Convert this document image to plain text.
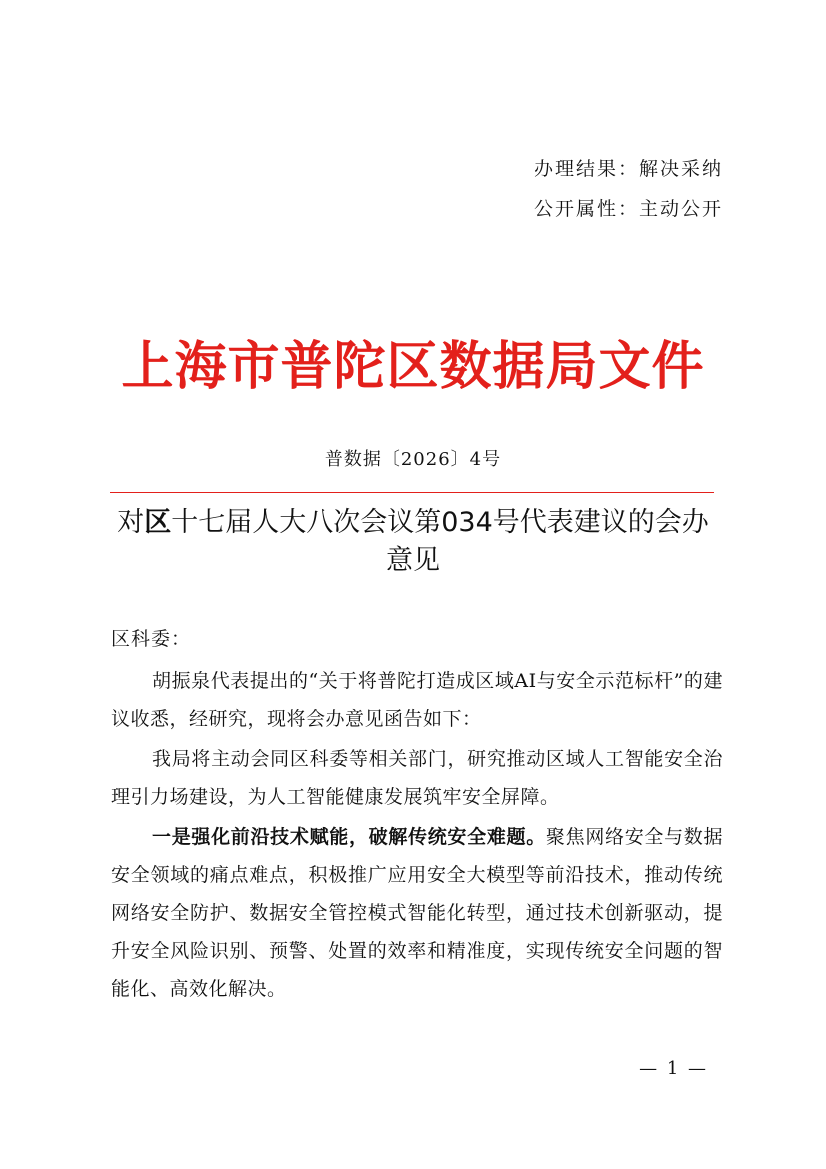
办理结果：解决采纳
公开属性：主动公开
上海市普陀区数据局文件
普数据〔2026〕4号
对区十七届人大八次会议第034号代表建议的会办意见
区科委：

胡振泉代表提出的“关于将普陀打造成区域AI与安全示范标杆”的建议收悉，经研究，现将会办意见函告如下：

我局将主动会同区科委等相关部门，研究推动区域人工智能安全治理引力场建设，为人工智能健康发展筑牢安全屏障。

一是强化前沿技术赋能，破解传统安全难题。聚焦网络安全与数据安全领域的痛点难点，积极推广应用安全大模型等前沿技术，推动传统网络安全防护、数据安全管控模式智能化转型，通过技术创新驱动，提升安全风险识别、预警、处置的效率和精准度，实现传统安全问题的智能化、高效化解决。

— 1 —
